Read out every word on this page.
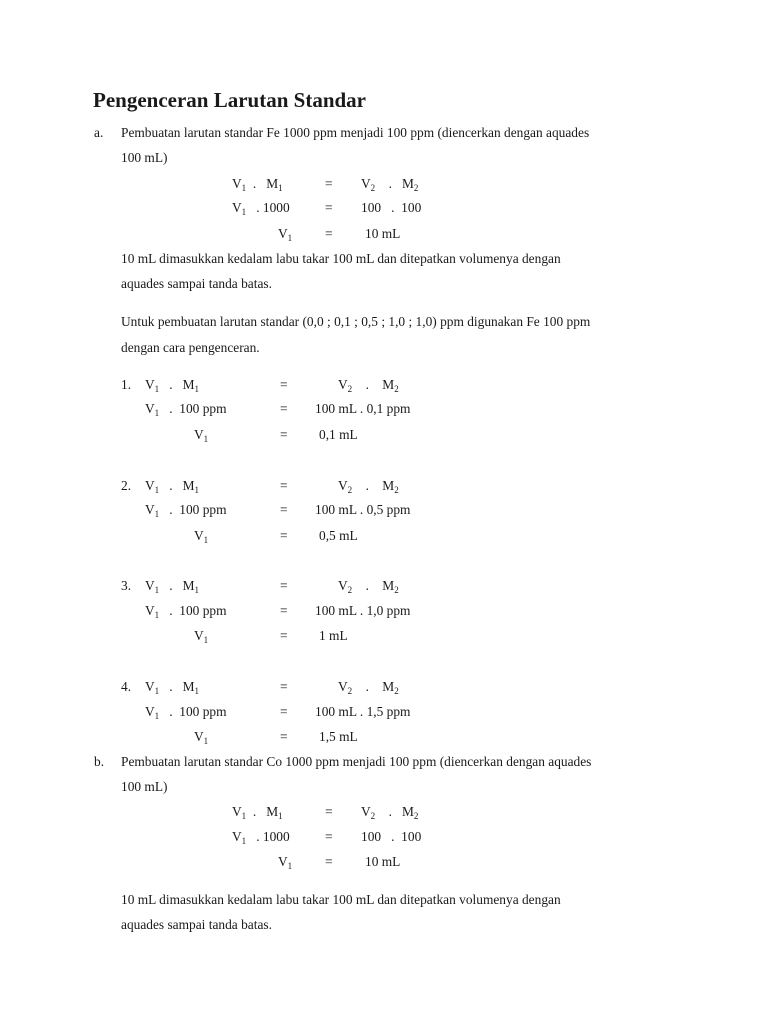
Pengenceran Larutan Standar
a. Pembuatan larutan standar Fe 1000 ppm menjadi 100 ppm (diencerkan dengan aquades
100 mL)
$V_1$  .   $M_1$	= $V_2$    .   $M_2$
$V_1$ . 1000	= 100   .  100
$V_1 = 10$ mL
10 mL dimasukkan kedalam labu takar 100 mL dan ditepatkan volumenya dengan
aquades sampai tanda batas.
Untuk pembuatan larutan standar (0,0 ; 0,1 ; 0,5 ; 1,0 ; 1,0) ppm digunakan Fe 100 ppm
dengan cara pengenceran.
1. $V_1$   .   $M_1$	=	$V_2$    .    $M_2$
$V_1$   .  100 ppm	= 100 mL . 0,1 ppm
$V_1$	= 0,1 mL
2. $V_1$   .   $M_1$	=	$V_2$    .    $M_2$
$V_1$   .  100 ppm	= 100 mL . 0,5 ppm
$V_1$	= 0,5 mL
3. $V_1$   .   $M_1$	=	$V_2$    .    $M_2$
$V_1$   .  100 ppm	= 100 mL . 1,0 ppm
$V_1$	= 1 mL
4. $V_1$   .   $M_1$	=	$V_2$    .    $M_2$
$V_1$   .  100 ppm	= 100 mL . 1,5 ppm
$V_1$	= 1,5 mL
b. Pembuatan larutan standar Co 1000 ppm menjadi 100 ppm (diencerkan dengan aquades
100 mL)
$V_1$  .   $M_1$	= $V_2$    .   $M_2$
$V_1$ . 1000	= 100   .  100
$V_1 = 10$ mL
10 mL dimasukkan kedalam labu takar 100 mL dan ditepatkan volumenya dengan
aquades sampai tanda batas.
